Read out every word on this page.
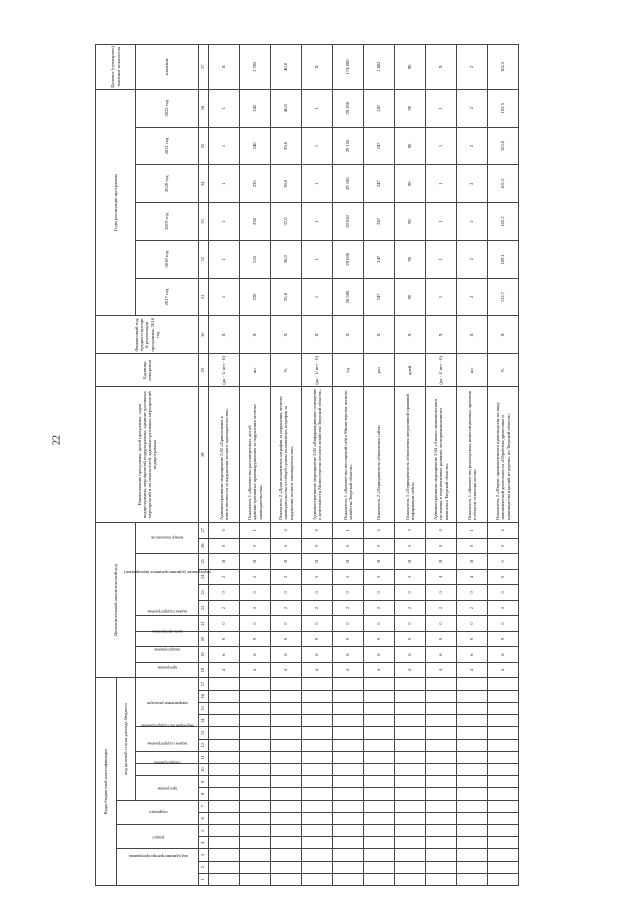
22
Коды бюджетной классификации																	Дополнительный аналитический код										Наименование программы, целей программы, задач подпрограммы, мероприятий подпрограммы, административных мероприятий и их показателей, административных мероприятий подпрограммы	Единица измерения	Финансовый год, предшествующий реализации программы, 2016 год	Годы реализации программы						Целевое (суммарное) значение показателя
код администратора программы			раздел		подраздел		код целевой статьи расхода бюджета																													
							программа		подпрограмма	задача подпрограммы	мероприятие подпрограммы		направление расходов				программа	подпрограмма	цель программы	задача подпрограммы	мероприятие (административное мероприятие)				номер показателя					2017 год	2018 год	2019 год	2020 год	2021 год	2022 год	значение
1	2	3	4	5	6	7	8	9	10	11	12	13	14	15	16	17	18	19	20	21	22	23	24	25	26	27	28	29	30	31	32	33	34	35	36	37
																	4	6	9	0	2	0	2	Я	0	0	Административное мероприятие 2.02 «Привлечение к ответственности за нарушения лесного законодательства»	(да - 1/ нет - 0)	Х	1	1	1	1	1	1	Х
																	4	6	9	0	2	0	2	Я	0	1	Показатель 1 «Количество рассмотренных дел об административных правонарушениях за нарушения лесного законодательства»	шт	Х	220	225	230	235	240	245	1 395
																	4	6	9	0	2	0	2	Я	0	2	Показатель 2 «Доля оплаченных штрафов за нарушения лесного законодательства от общей суммы наложенных штрафов за нарушения лесного законодательства»	%	Х	35,0	36,0	37,0	38,0	39,0	40,0	40,0
																	4	6	9	0	2	0	3	Я	0	0	Административное мероприятие 2.03 «Информационное освещение о деятельности Министерства лесного хозяйства Тверской области»	(да - 1/ нет - 0)	Х	1	1	1	1	1	1	Х
																	4	6	9	0	2	0	3	Я	0	1	Показатель 1 «Количество посещений сайта Министерства лесного хозяйства Тверской области»	ед	Х	28 500	29 000	29 050	29 100	29 150	29 200	174 000
																	4	6	9	0	2	0	3	Я	0	2	Показатель 2 «Периодичность обновления сайта»	раз	Х	247	247	247	247	247	247	1 482
																	4	6	9	0	2	0	3	Я	0	3	Показатель 3 «Периодичность обновления оперативной правовой информации сайта»	дней	Х	90	90	90	90	90	90	90
																	4	6	9	0	2	0	4	Я	0	0	Административное мероприятие 2.04 «Анализ экономического состояния и перспективное развитие лесопромышленного комплекса Тверской области»	(да - 1/ нет - 0)	Х	1	1	1	1	1	1	Х
																	4	6	9	0	2	0	4	Я	0	1	Показатель 1 «Количество реализуемых инвестиционных проектов в области освоения лесов»	шт	Х	2	2	2	2	2	2	2
																	4	6	9	0	2	0	0	0	0	2	Показатель 2 «Индекс промышленного производства по виду экономической деятельности «Обработка древесины и производство изделий из дерева» по Тверской области»	%	Х	112,7	109,1	105,2	101,5	102,0	102,5	102,5
